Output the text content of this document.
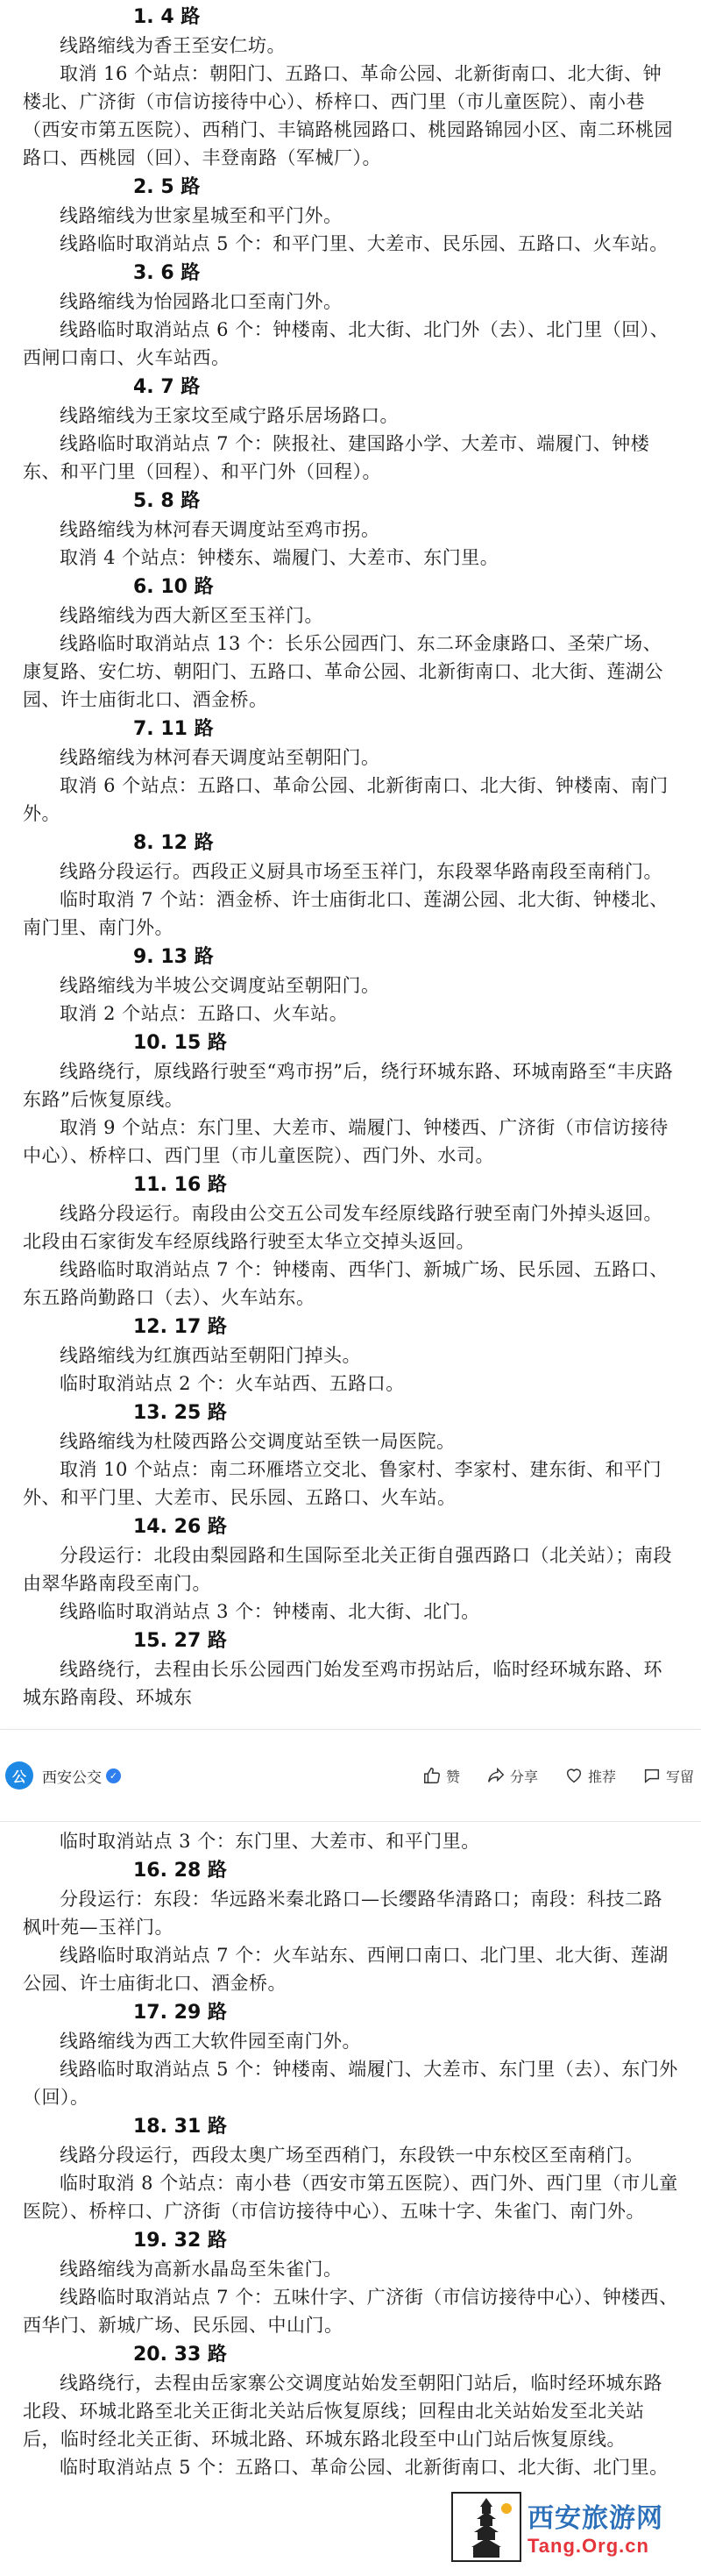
1. 4 路

线路缩线为香王至安仁坊。

取消 16 个站点：朝阳门、五路口、革命公园、北新街南口、北大街、钟楼北、广济街（市信访接待中心）、桥梓口、西门里（市儿童医院）、南小巷（西安市第五医院）、西稍门、丰镐路桃园路口、桃园路锦园小区、南二环桃园路口、西桃园（回）、丰登南路（军械厂）。

2. 5 路

线路缩线为世家星城至和平门外。

线路临时取消站点 5 个：和平门里、大差市、民乐园、五路口、火车站。

3. 6 路

线路缩线为怡园路北口至南门外。

线路临时取消站点 6 个：钟楼南、北大街、北门外（去）、北门里（回）、西闸口南口、火车站西。

4. 7 路

线路缩线为王家坟至咸宁路乐居场路口。

线路临时取消站点 7 个：陕报社、建国路小学、大差市、端履门、钟楼东、和平门里（回程）、和平门外（回程）。

5. 8 路

线路缩线为林河春天调度站至鸡市拐。

取消 4 个站点：钟楼东、端履门、大差市、东门里。

6. 10 路

线路缩线为西大新区至玉祥门。

线路临时取消站点 13 个：长乐公园西门、东二环金康路口、圣荣广场、康复路、安仁坊、朝阳门、五路口、革命公园、北新街南口、北大街、莲湖公园、许士庙街北口、酒金桥。

7. 11 路

线路缩线为林河春天调度站至朝阳门。

取消 6 个站点：五路口、革命公园、北新街南口、北大街、钟楼南、南门外。

8. 12 路

线路分段运行。西段正义厨具市场至玉祥门，东段翠华路南段至南稍门。

临时取消 7 个站：酒金桥、许士庙街北口、莲湖公园、北大街、钟楼北、南门里、南门外。

9. 13 路

线路缩线为半坡公交调度站至朝阳门。

取消 2 个站点：五路口、火车站。

10. 15 路

线路绕行，原线路行驶至“鸡市拐”后，绕行环城东路、环城南路至“丰庆路东路”后恢复原线。

取消 9 个站点：东门里、大差市、端履门、钟楼西、广济街（市信访接待中心）、桥梓口、西门里（市儿童医院）、西门外、水司。

11. 16 路

线路分段运行。南段由公交五公司发车经原线路行驶至南门外掉头返回。北段由石家街发车经原线路行驶至太华立交掉头返回。

线路临时取消站点 7 个：钟楼南、西华门、新城广场、民乐园、五路口、东五路尚勤路口（去）、火车站东。

12. 17 路

线路缩线为红旗西站至朝阳门掉头。

临时取消站点 2 个：火车站西、五路口。

13. 25 路

线路缩线为杜陵西路公交调度站至铁一局医院。

取消 10 个站点：南二环雁塔立交北、鲁家村、李家村、建东街、和平门外、和平门里、大差市、民乐园、五路口、火车站。

14. 26 路

分段运行：北段由梨园路和生国际至北关正街自强西路口（北关站）；南段由翠华路南段至南门。

线路临时取消站点 3 个：钟楼南、北大街、北门。

15. 27 路

线路绕行，去程由长乐公园西门始发至鸡市拐站后，临时经环城东路、环城东路南段、环城东

公	西安公交 ✓	赞	分享	推荐	写留

临时取消站点 3 个：东门里、大差市、和平门里。

16. 28 路

分段运行：东段：华远路米秦北路口—长缨路华清路口；南段：科技二路枫叶苑—玉祥门。

线路临时取消站点 7 个：火车站东、西闸口南口、北门里、北大街、莲湖公园、许士庙街北口、酒金桥。

17. 29 路

线路缩线为西工大软件园至南门外。

线路临时取消站点 5 个：钟楼南、端履门、大差市、东门里（去）、东门外（回）。

18. 31 路

线路分段运行，西段太奥广场至西稍门，东段铁一中东校区至南稍门。

临时取消 8 个站点：南小巷（西安市第五医院）、西门外、西门里（市儿童医院）、桥梓口、广济街（市信访接待中心）、五味十字、朱雀门、南门外。

19. 32 路

线路缩线为高新水晶岛至朱雀门。

线路临时取消站点 7 个：五味什字、广济街（市信访接待中心）、钟楼西、西华门、新城广场、民乐园、中山门。

20. 33 路

线路绕行，去程由岳家寨公交调度站始发至朝阳门站后，临时经环城东路北段、环城北路至北关正街北关站后恢复原线；回程由北关站始发至北关站后，临时经北关正街、环城北路、环城东路北段至中山门站后恢复原线。

临时取消站点 5 个：五路口、革命公园、北新街南口、北大街、北门里。

西安旅游网
Tang.Org.cn
